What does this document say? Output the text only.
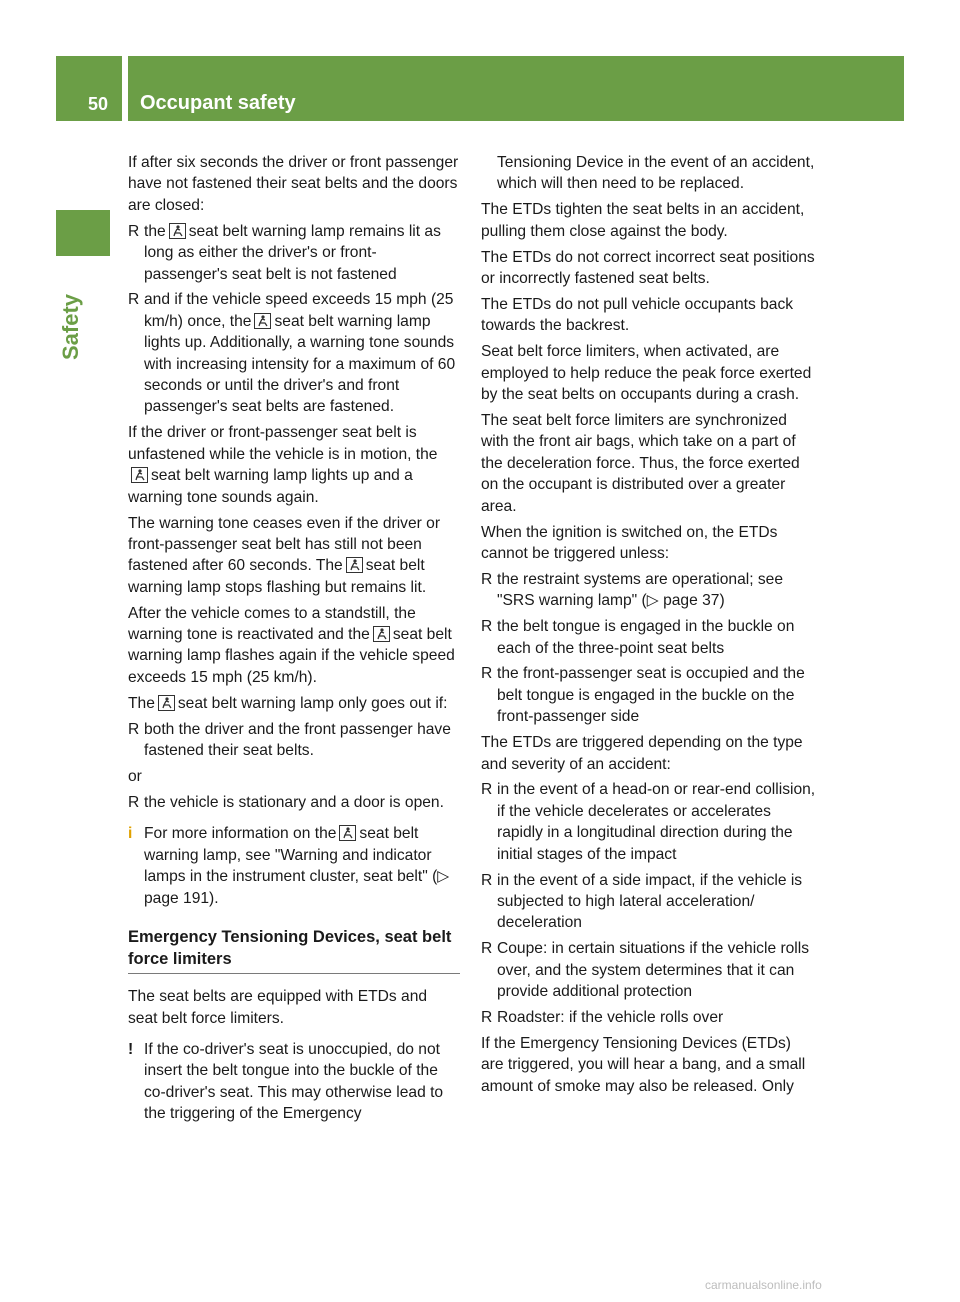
50	Occupant safety
Safety

If after six seconds the driver or front passenger have not fastened their seat belts and the doors are closed:

R the seat belt warning lamp remains lit as long as either the driver's or front-passenger's seat belt is not fastened
R and if the vehicle speed exceeds 15 mph (25 km/h) once, the seat belt warning lamp lights up. Additionally, a warning tone sounds with increasing intensity for a maximum of 60 seconds or until the driver's and front passenger's seat belts are fastened.

If the driver or front-passenger seat belt is unfastened while the vehicle is in motion, the
seat belt warning lamp lights up and a warning tone sounds again.

The warning tone ceases even if the driver or front-passenger seat belt has still not been fastened after 60 seconds. The seat belt warning lamp stops flashing but remains lit.

After the vehicle comes to a standstill, the warning tone is reactivated and the seat belt warning lamp flashes again if the vehicle speed exceeds 15 mph (25 km/h).

The seat belt warning lamp only goes out if:

R both the driver and the front passenger have fastened their seat belts.

or

R the vehicle is stationary and a door is open.
i For more information on the seat belt warning lamp, see "Warning and indicator lamps in the instrument cluster, seat belt" (▷ page 191).
Emergency Tensioning Devices, seat belt force limiters

The seat belts are equipped with ETDs and seat belt force limiters.

! If the co-driver's seat is unoccupied, do not insert the belt tongue into the buckle of the co-driver's seat. This may otherwise lead to the triggering of the Emergency
Tensioning Device in the event of an accident, which will then need to be replaced.

The ETDs tighten the seat belts in an accident, pulling them close against the body.

The ETDs do not correct incorrect seat positions or incorrectly fastened seat belts.

The ETDs do not pull vehicle occupants back towards the backrest.

Seat belt force limiters, when activated, are employed to help reduce the peak force exerted by the seat belts on occupants during a crash.

The seat belt force limiters are synchronized with the front air bags, which take on a part of the deceleration force. Thus, the force exerted on the occupant is distributed over a greater area.

When the ignition is switched on, the ETDs cannot be triggered unless:

R the restraint systems are operational; see "SRS warning lamp" (▷ page 37)
R the belt tongue is engaged in the buckle on each of the three-point seat belts
R the front-passenger seat is occupied and the belt tongue is engaged in the buckle on the front-passenger side

The ETDs are triggered depending on the type and severity of an accident:

R in the event of a head-on or rear-end collision, if the vehicle decelerates or accelerates rapidly in a longitudinal direction during the initial stages of the impact
R in the event of a side impact, if the vehicle is subjected to high lateral acceleration/ deceleration
R Coupe: in certain situations if the vehicle rolls over, and the system determines that it can provide additional protection
R Roadster: if the vehicle rolls over

If the Emergency Tensioning Devices (ETDs) are triggered, you will hear a bang, and a small amount of smoke may also be released. Only

carmanualsonline.info
